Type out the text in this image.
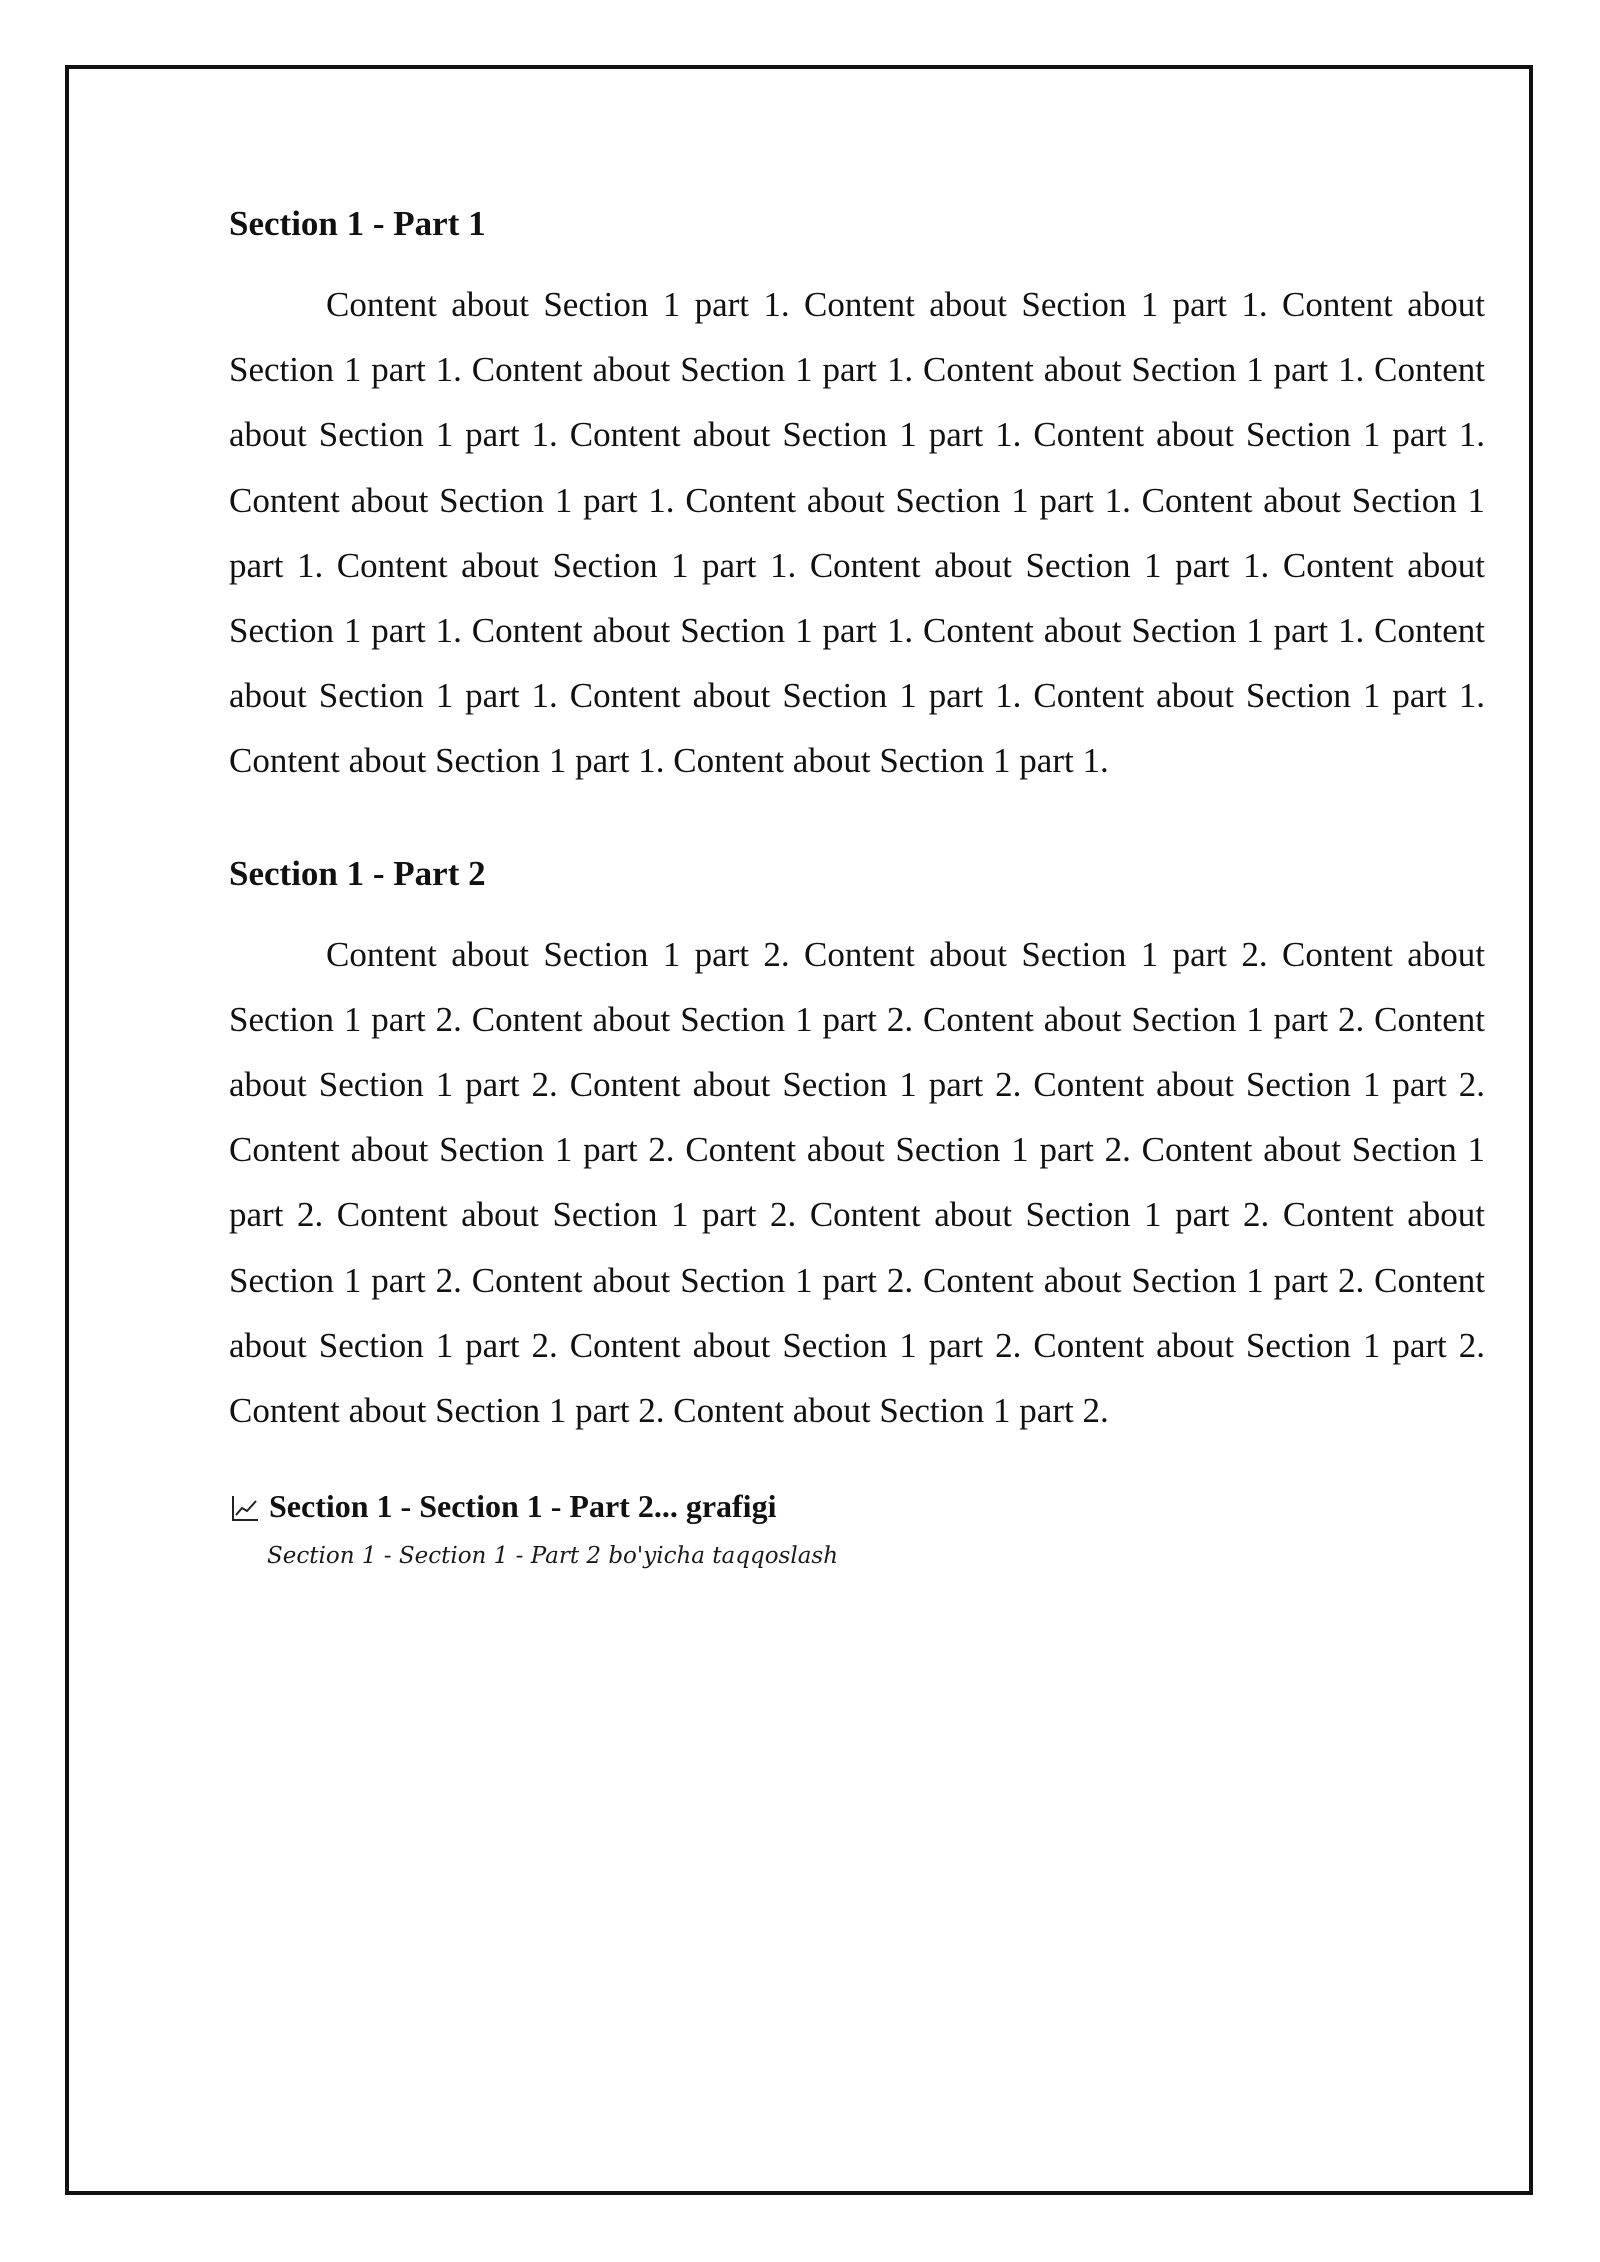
Section 1 - Part 1

Content about Section 1 part 1. Content about Section 1 part 1. Content about Section 1 part 1. Content about Section 1 part 1. Content about Section 1 part 1. Content about Section 1 part 1. Content about Section 1 part 1. Content about Section 1 part 1. Content about Section 1 part 1. Content about Section 1 part 1. Content about Section 1 part 1. Content about Section 1 part 1. Content about Section 1 part 1. Content about Section 1 part 1. Content about Section 1 part 1. Content about Section 1 part 1. Content about Section 1 part 1. Content about Section 1 part 1. Content about Section 1 part 1. Content about Section 1 part 1. Content about Section 1 part 1.

Section 1 - Part 2

Content about Section 1 part 2. Content about Section 1 part 2. Content about Section 1 part 2. Content about Section 1 part 2. Content about Section 1 part 2. Content about Section 1 part 2. Content about Section 1 part 2. Content about Section 1 part 2. Content about Section 1 part 2. Content about Section 1 part 2. Content about Section 1 part 2. Content about Section 1 part 2. Content about Section 1 part 2. Content about Section 1 part 2. Content about Section 1 part 2. Content about Section 1 part 2. Content about Section 1 part 2. Content about Section 1 part 2. Content about Section 1 part 2. Content about Section 1 part 2. Content about Section 1 part 2.

Section 1 - Section 1 - Part 2... grafigi
Section 1 - Section 1 - Part 2 bo'yicha taqqoslash
